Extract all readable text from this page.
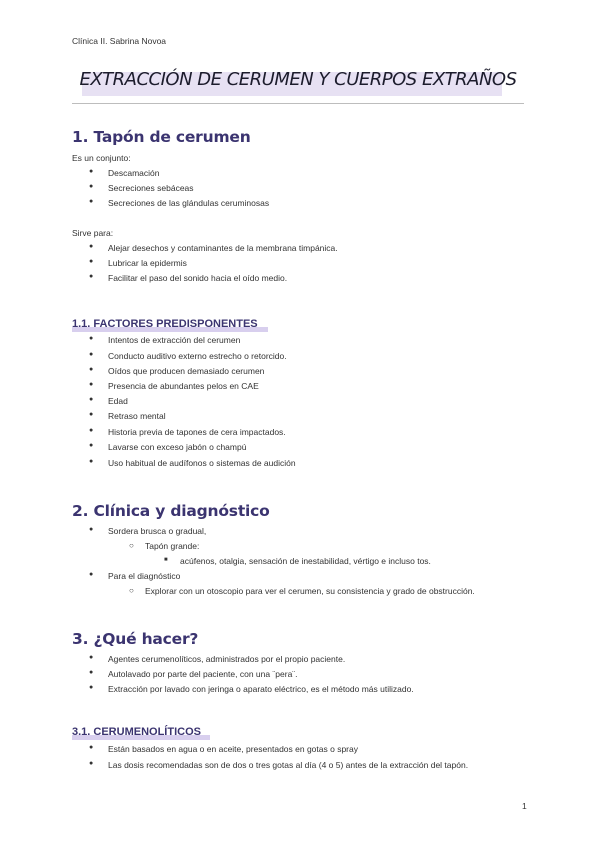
Clínica II. Sabrina Novoa
EXTRACCIÓN DE CERUMEN Y CUERPOS EXTRAÑOS
1. Tapón de cerumen
Es un conjunto:
● Descamación
● Secreciones sebáceas
● Secreciones de las glándulas ceruminosas
Sirve para:
● Alejar desechos y contaminantes de la membrana timpánica.
● Lubricar la epidermis
● Facilitar el paso del sonido hacia el oído medio.
1.1. FACTORES PREDISPONENTES
● Intentos de extracción del cerumen
● Conducto auditivo externo estrecho o retorcido.
● Oídos que producen demasiado cerumen
● Presencia de abundantes pelos en CAE
● Edad
● Retraso mental
● Historia previa de tapones de cera impactados.
● Lavarse con exceso jabón o champú
● Uso habitual de audífonos o sistemas de audición
2. Clínica y diagnóstico
● Sordera brusca o gradual,
○ Tapón grande:
■ acúfenos, otalgia, sensación de inestabilidad, vértigo e incluso tos.
● Para el diagnóstico
○ Explorar con un otoscopio para ver el cerumen, su consistencia y grado de obstrucción.
3. ¿Qué hacer?
● Agentes cerumenolíticos, administrados por el propio paciente.
● Autolavado por parte del paciente, con una ¨pera¨.
● Extracción por lavado con jeringa o aparato eléctrico, es el método más utilizado.
3.1. CERUMENOLÍTICOS
● Están basados en agua o en aceite, presentados en gotas o spray
● Las dosis recomendadas son de dos o tres gotas al día (4 o 5) antes de la extracción del tapón.
1
